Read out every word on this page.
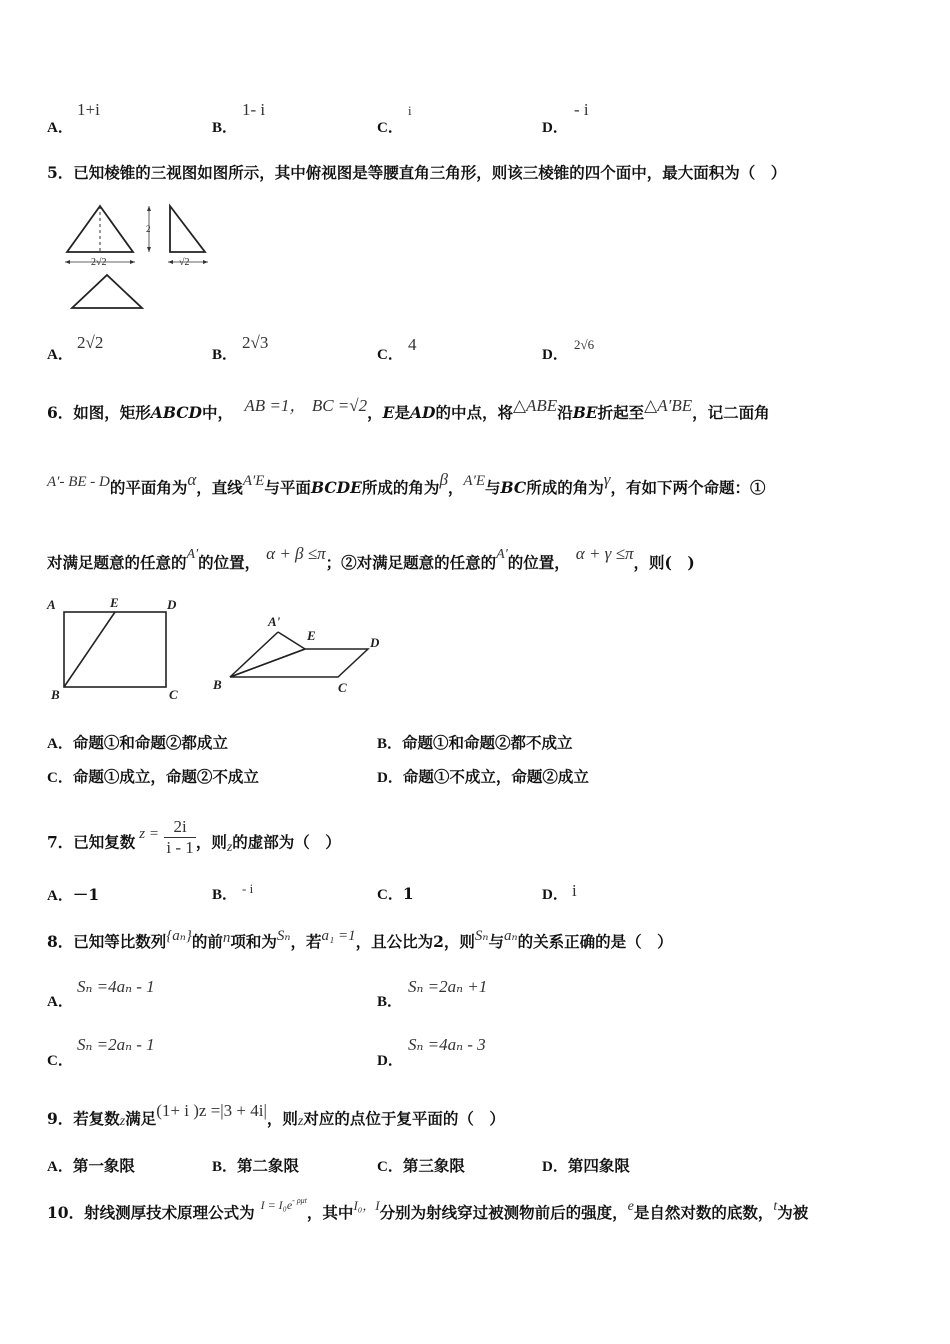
A．
1+i
B．
1- i
C．
i
D．
- i
5．已知棱锥的三视图如图所示，其中俯视图是等腰直角三角形，则该三棱锥的四个面中，最大面积为（　）
2√2
2
√2
A．
2√2
B．
2√3
C．
4
D．
2√6
6．如图，矩形ABCD中， AB =1， BC =√2，E是AD的中点，将△ABE沿BE折起至△A′BE，记二面角
A′- BE - D的平面角为α，直线A′E与平面BCDE所成的角为β，A′E与BC所成的角为γ，有如下两个命题：①
对满足题意的任意的A′的位置， α + β ≤π；②对满足题意的任意的A′的位置， α + γ ≤π，则(　)
A	E	D
B	C
A'
E	D
B	C
A．命题①和命题②都成立	B．命题①和命题②都不成立
C．命题①成立，命题②不成立	D．命题①不成立，命题②成立
7．已知复数 $z = \frac{2i}{i - 1}$ ，则z的虚部为（　）
A．－1	B． - i	C．1	D． i
8．已知等比数列{aₙ}的前n项和为Sₙ，若a₁ =1，且公比为2，则Sₙ与aₙ的关系正确的是（　）
A．
Sₙ =4aₙ - 1
B．
Sₙ =2aₙ +1
C．
Sₙ =2aₙ - 1
D．
Sₙ =4aₙ - 3
9．若复数z满足(1+ i )z =|3 + 4i|，则z对应的点位于复平面的（　）
A．第一象限	B．第二象限	C．第三象限	D．第四象限
10．射线测厚技术原理公式为 $^{I = I_0e- \rho\mu t}$，其中$^{I_0,I}$分别为射线穿过被测物前后的强度，e是自然对数的底数，t为被
